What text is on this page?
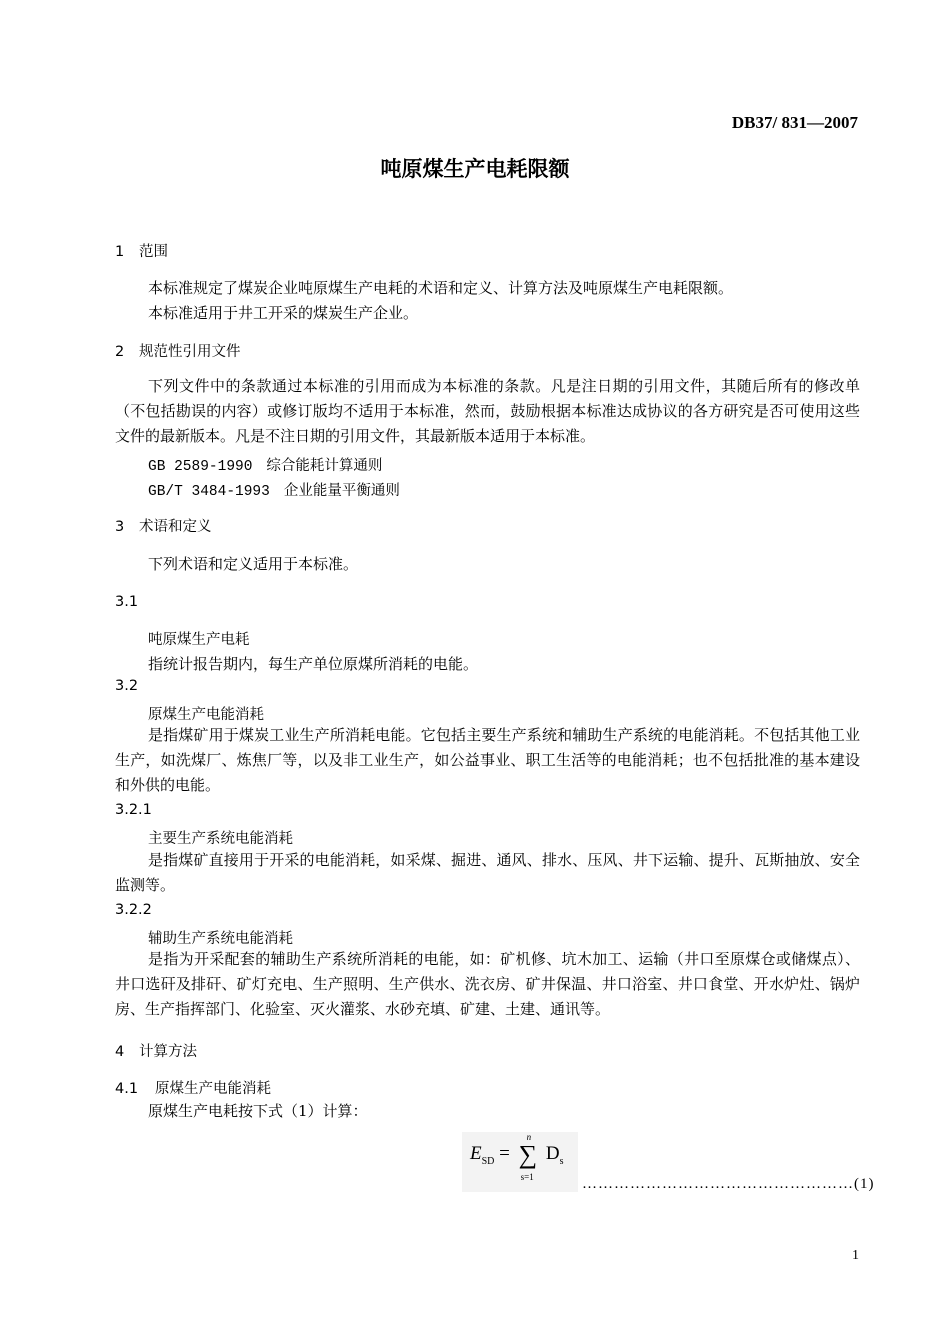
DB37/ 831—2007
吨原煤生产电耗限额
1 范围
本标准规定了煤炭企业吨原煤生产电耗的术语和定义、计算方法及吨原煤生产电耗限额。
本标准适用于井工开采的煤炭生产企业。
2 规范性引用文件
下列文件中的条款通过本标准的引用而成为本标准的条款。凡是注日期的引用文件，其随后所有的修改单（不包括勘误的内容）或修订版均不适用于本标准，然而，鼓励根据本标准达成协议的各方研究是否可使用这些文件的最新版本。凡是不注日期的引用文件，其最新版本适用于本标准。
GB 2589-1990 综合能耗计算通则
GB/T 3484-1993 企业能量平衡通则
3 术语和定义
下列术语和定义适用于本标准。
3.1
吨原煤生产电耗
指统计报告期内，每生产单位原煤所消耗的电能。
3.2
原煤生产电能消耗
是指煤矿用于煤炭工业生产所消耗电能。它包括主要生产系统和辅助生产系统的电能消耗。不包括其他工业生产，如洗煤厂、炼焦厂等，以及非工业生产，如公益事业、职工生活等的电能消耗；也不包括批准的基本建设和外供的电能。
3.2.1
主要生产系统电能消耗
是指煤矿直接用于开采的电能消耗，如采煤、掘进、通风、排水、压风、井下运输、提升、瓦斯抽放、安全监测等。
3.2.2
辅助生产系统电能消耗
是指为开采配套的辅助生产系统所消耗的电能，如：矿机修、坑木加工、运输（井口至原煤仓或储煤点）、井口选矸及排矸、矿灯充电、生产照明、生产供水、洗衣房、矿井保温、井口浴室、井口食堂、开水炉灶、锅炉房、生产指挥部门、化验室、灭火灌浆、水砂充填、矿建、土建、通讯等。
4 计算方法
4.1 原煤生产电能消耗
原煤生产电耗按下式（1）计算：
$E_{SD}$ = ∑
n
s=1
$D_s$
……………………………………………(1)
1
